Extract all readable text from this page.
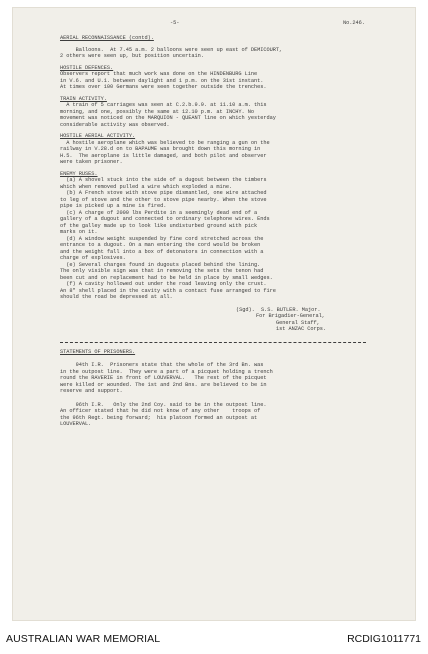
-5-	No.246.
AERIAL RECONNAISSANCE (contd).
Balloons.  At 7.45 a.m. 2 balloons were seen up east of DEMICOURT,
2 others were seen up, but position uncertain.
HOSTILE DEFENCES.
Observers report that much work was done on the HINDENBURG Line
in V.6. and U.1. between daylight and 1 p.m. on the 31st instant.
At times over 100 Germans were seen together outside the trenches.
TRAIN ACTIVITY.
A train of 5 carriages was seen at C.2.b.9.9. at 11.10 a.m. this
morning, and one, possibly the same at 12.10 p.m. at INCHY. No
movement was noticed on the MARQUION - QUEANT line on which yesterday
considerable activity was observed.
HOSTILE AERIAL ACTIVITY.
A hostile aeroplane which was believed to be ranging a gun on the
railway in V.28.d on to BAPAUME was brought down this morning in
H.5.  The aeroplane is little damaged, and both pilot and observer
were taken prisoner.
ENEMY RUSES.
(a) A shovel stuck into the side of a dugout between the timbers
which when removed pulled a wire which exploded a mine.
(b) A French stove with stove pipe dismantled, one wire attached
to leg of stove and the other to stove pipe nearby. When the stove
pipe is picked up a mine is fired.
(c) A charge of 2000 lbs Perdite in a seemingly dead end of a
gallery of a dugout and connected to ordinary telephone wires. Ends
of the galley made up to look like undisturbed ground with pick
marks on it.
(d) A window weight suspended by fine cord stretched across the
entrance to a dugout. On a man entering the cord would be broken
and the weight fall into a box of detonators in connection with a
charge of explosives.
(e) Several charges found in dugouts placed behind the lining.
The only visible sign was that in removing the sets the tenon had
been cut and on replacement had to be held in place by small wedges.
(f) A cavity hollowed out under the road leaving only the crust.
An 8" shell placed in the cavity with a contact fuse arranged to fire
should the road be depressed at all.
(Sgd).  S.S. BUTLER. Major.
For Brigadier-General,
General Staff,
1st ANZAC Corps.
STATEMENTS OF PRISONERS.
94th I.R.  Prisoners state that the whole of the 3rd Bn. was
in the outpost line.  They were a part of a picquet holding a trench
round the RAVERIE in front of LOUVERVAL.   The rest of the picquet
were killed or wounded. The 1st and 2nd Bns. are believed to be in
reserve and support.
96th I.R.   Only the 2nd Coy. said to be in the outpost line.
An officer stated that he did not know of any other    troops of
the 96th Regt. being forward;  his platoon formed an outpost at
LOUVERVAL.
AUSTRALIAN WAR MEMORIAL	RCDIG1011771
